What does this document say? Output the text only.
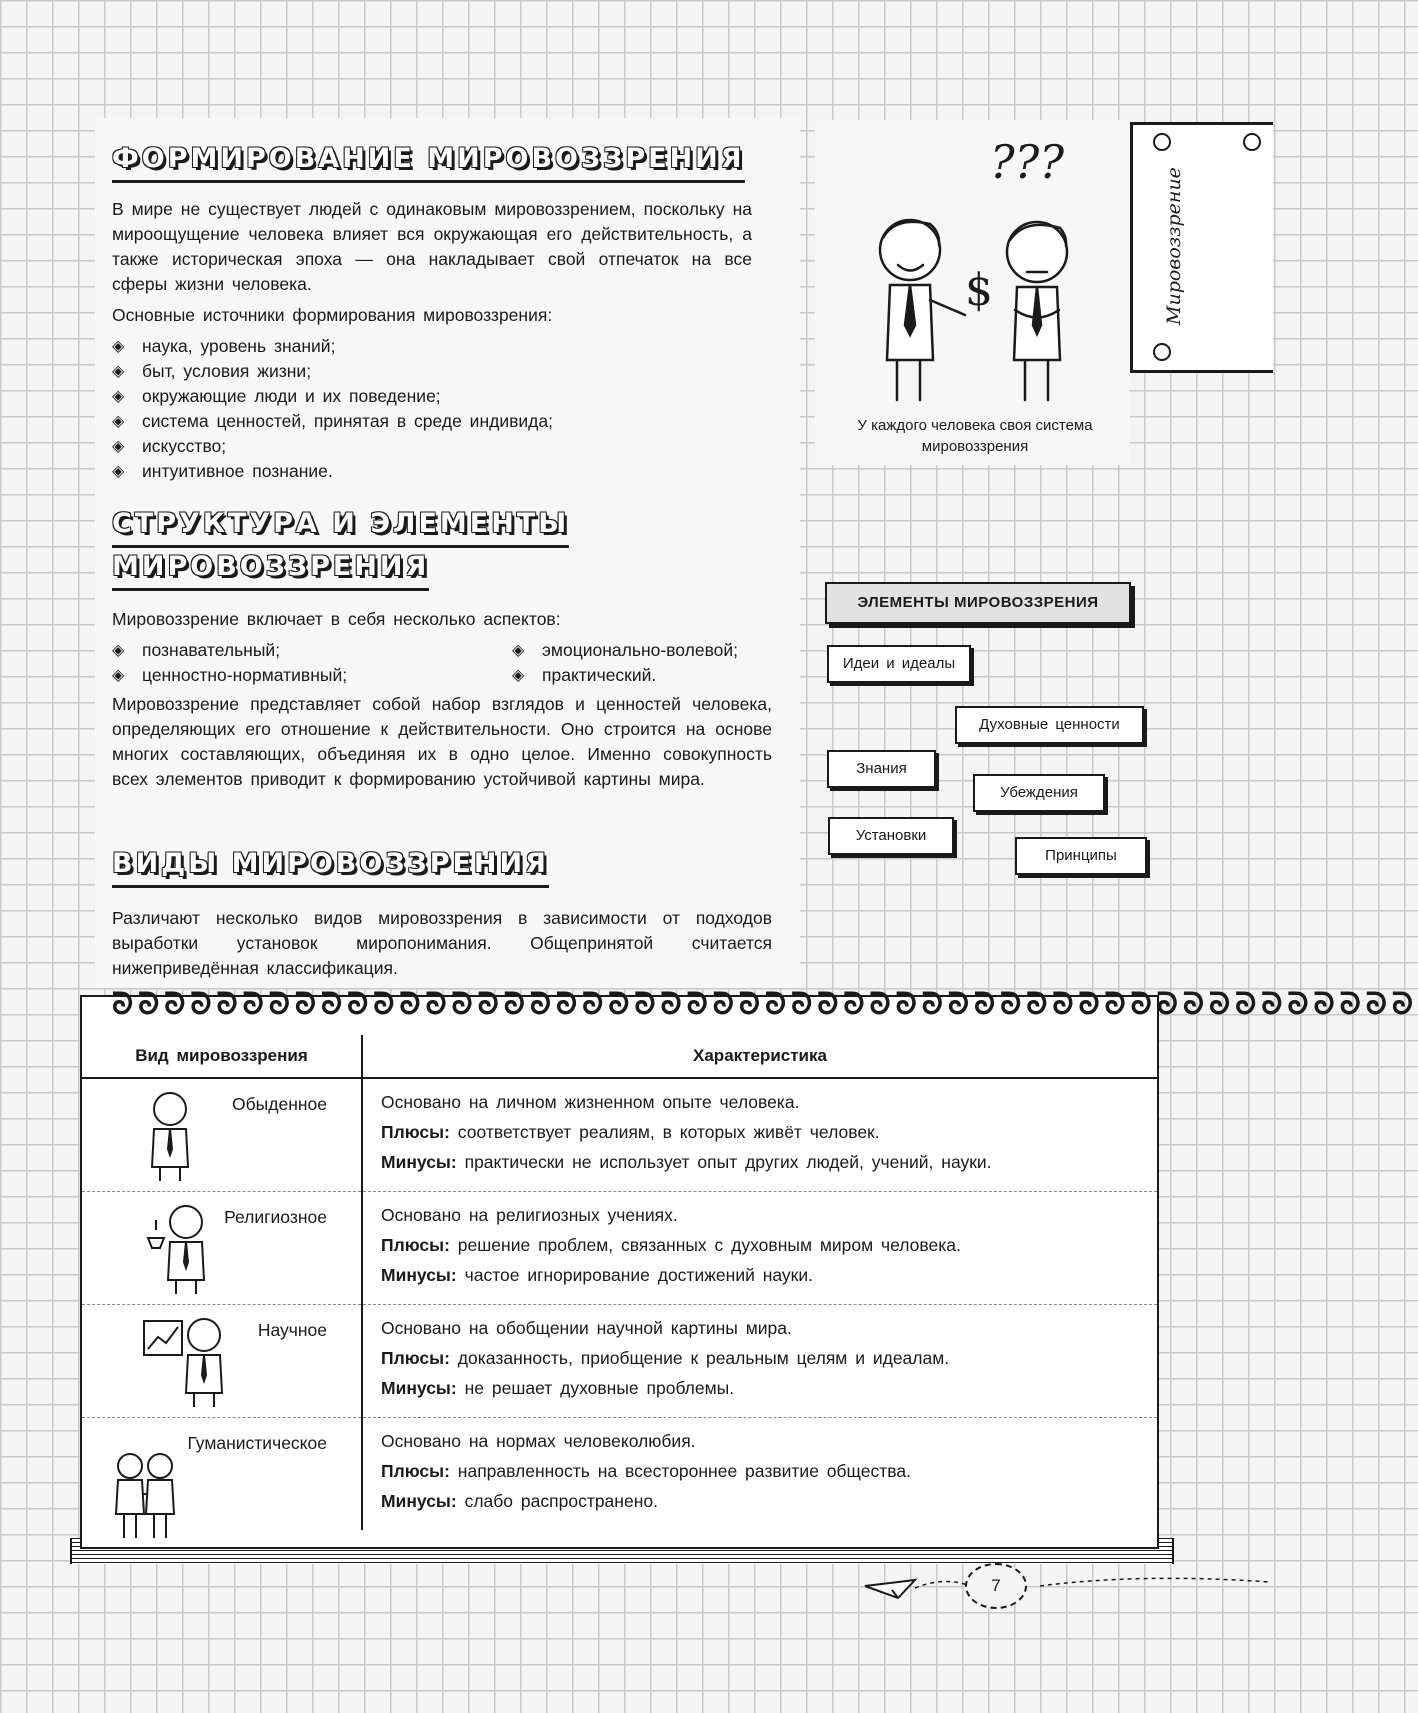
ФОРМИРОВАНИЕ МИРОВОЗЗРЕНИЯ

В мире не существует людей с одинаковым мировоззрением, поскольку на мироощущение человека влияет вся окружающая его действительность, а также историческая эпоха — она накладывает свой отпечаток на все сферы жизни человека.

Основные источники формирования мировоззрения:

◈ наука, уровень знаний;
◈ быт, условия жизни;
◈ окружающие люди и их поведение;
◈ система ценностей, принятая в среде индивида;
◈ искусство;
◈ интуитивное познание.
СТРУКТУРА И ЭЛЕМЕНТЫ
МИРОВОЗЗРЕНИЯ

Мировоззрение включает в себя несколько аспектов:

◈ познавательный;
◈ ценностно-нормативный;
◈ эмоционально-волевой;
◈ практический.

Мировоззрение представляет собой набор взглядов и ценностей человека, определяющих его отношение к действительности. Оно строится на основе многих составляющих, объединяя их в одно целое. Именно совокупность всех элементов приводит к формированию устойчивой картины мира.

ВИДЫ МИРОВОЗЗРЕНИЯ

Различают несколько видов мировоззрения в зависимости от подходов выработки установок миропонимания. Общепринятой считается нижеприведённая классификация.

???
$
У каждого человека своя система мировоззрения
Мировоззрение
ЭЛЕМЕНТЫ МИРОВОЗЗРЕНИЯ
Идеи и идеалы
Духовные ценности
Знания
Убеждения
Установки
Принципы
Вид мировоззрения	Характеристика

Обыденное	Основано на личном жизненном опыте человека.
Плюсы: соответствует реалиям, в которых живёт человек.
Минусы: практически не использует опыт других людей, учений, науки.

Религиозное	Основано на религиозных учениях.
Плюсы: решение проблем, связанных с духовным миром человека.
Минусы: частое игнорирование достижений науки.

Научное	Основано на обобщении научной картины мира.
Плюсы: доказанность, приобщение к реальным целям и идеалам.
Минусы: не решает духовные проблемы.

Гуманистическое	Основано на нормах человеколюбия.
Плюсы: направленность на всестороннее развитие общества.
Минусы: слабо распространено.
ᘐᘐᘐᘐᘐᘐᘐᘐᘐᘐᘐᘐᘐᘐᘐᘐᘐᘐᘐᘐᘐᘐᘐᘐᘐᘐᘐᘐᘐᘐᘐᘐᘐᘐᘐᘐᘐᘐᘐᘐᘐᘐᘐᘐᘐᘐᘐᘐᘐᘐ
7
